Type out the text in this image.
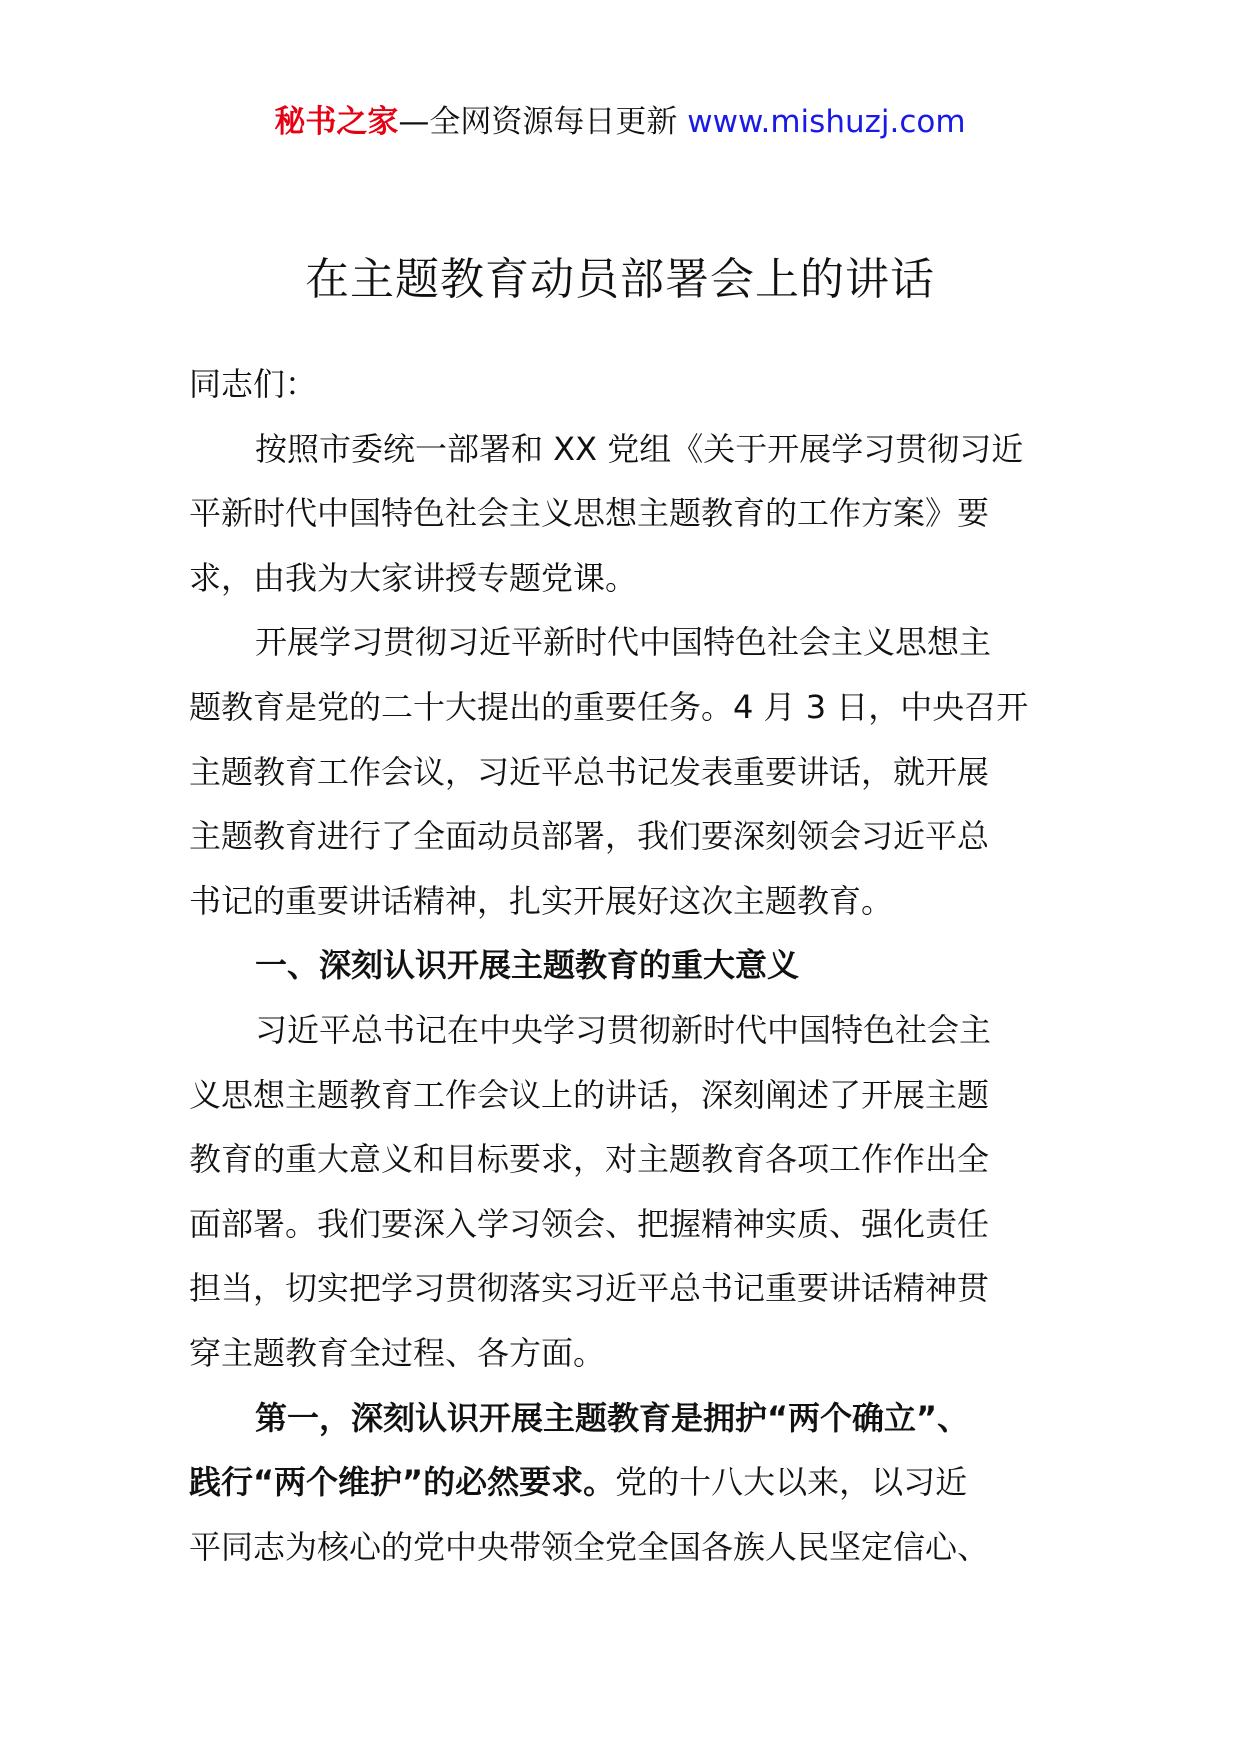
秘书之家—全网资源每日更新 www.mishuzj.com
在主题教育动员部署会上的讲话
同志们：
按照市委统一部署和 XX 党组《关于开展学习贯彻习近
平新时代中国特色社会主义思想主题教育的工作方案》要
求，由我为大家讲授专题党课。
开展学习贯彻习近平新时代中国特色社会主义思想主
题教育是党的二十大提出的重要任务。4 月 3 日，中央召开
主题教育工作会议，习近平总书记发表重要讲话，就开展
主题教育进行了全面动员部署，我们要深刻领会习近平总
书记的重要讲话精神，扎实开展好这次主题教育。
一、深刻认识开展主题教育的重大意义
习近平总书记在中央学习贯彻新时代中国特色社会主
义思想主题教育工作会议上的讲话，深刻阐述了开展主题
教育的重大意义和目标要求，对主题教育各项工作作出全
面部署。我们要深入学习领会、把握精神实质、强化责任
担当，切实把学习贯彻落实习近平总书记重要讲话精神贯
穿主题教育全过程、各方面。
第一，深刻认识开展主题教育是拥护“两个确立”、
践行“两个维护”的必然要求。党的十八大以来，以习近
平同志为核心的党中央带领全党全国各族人民坚定信心、
